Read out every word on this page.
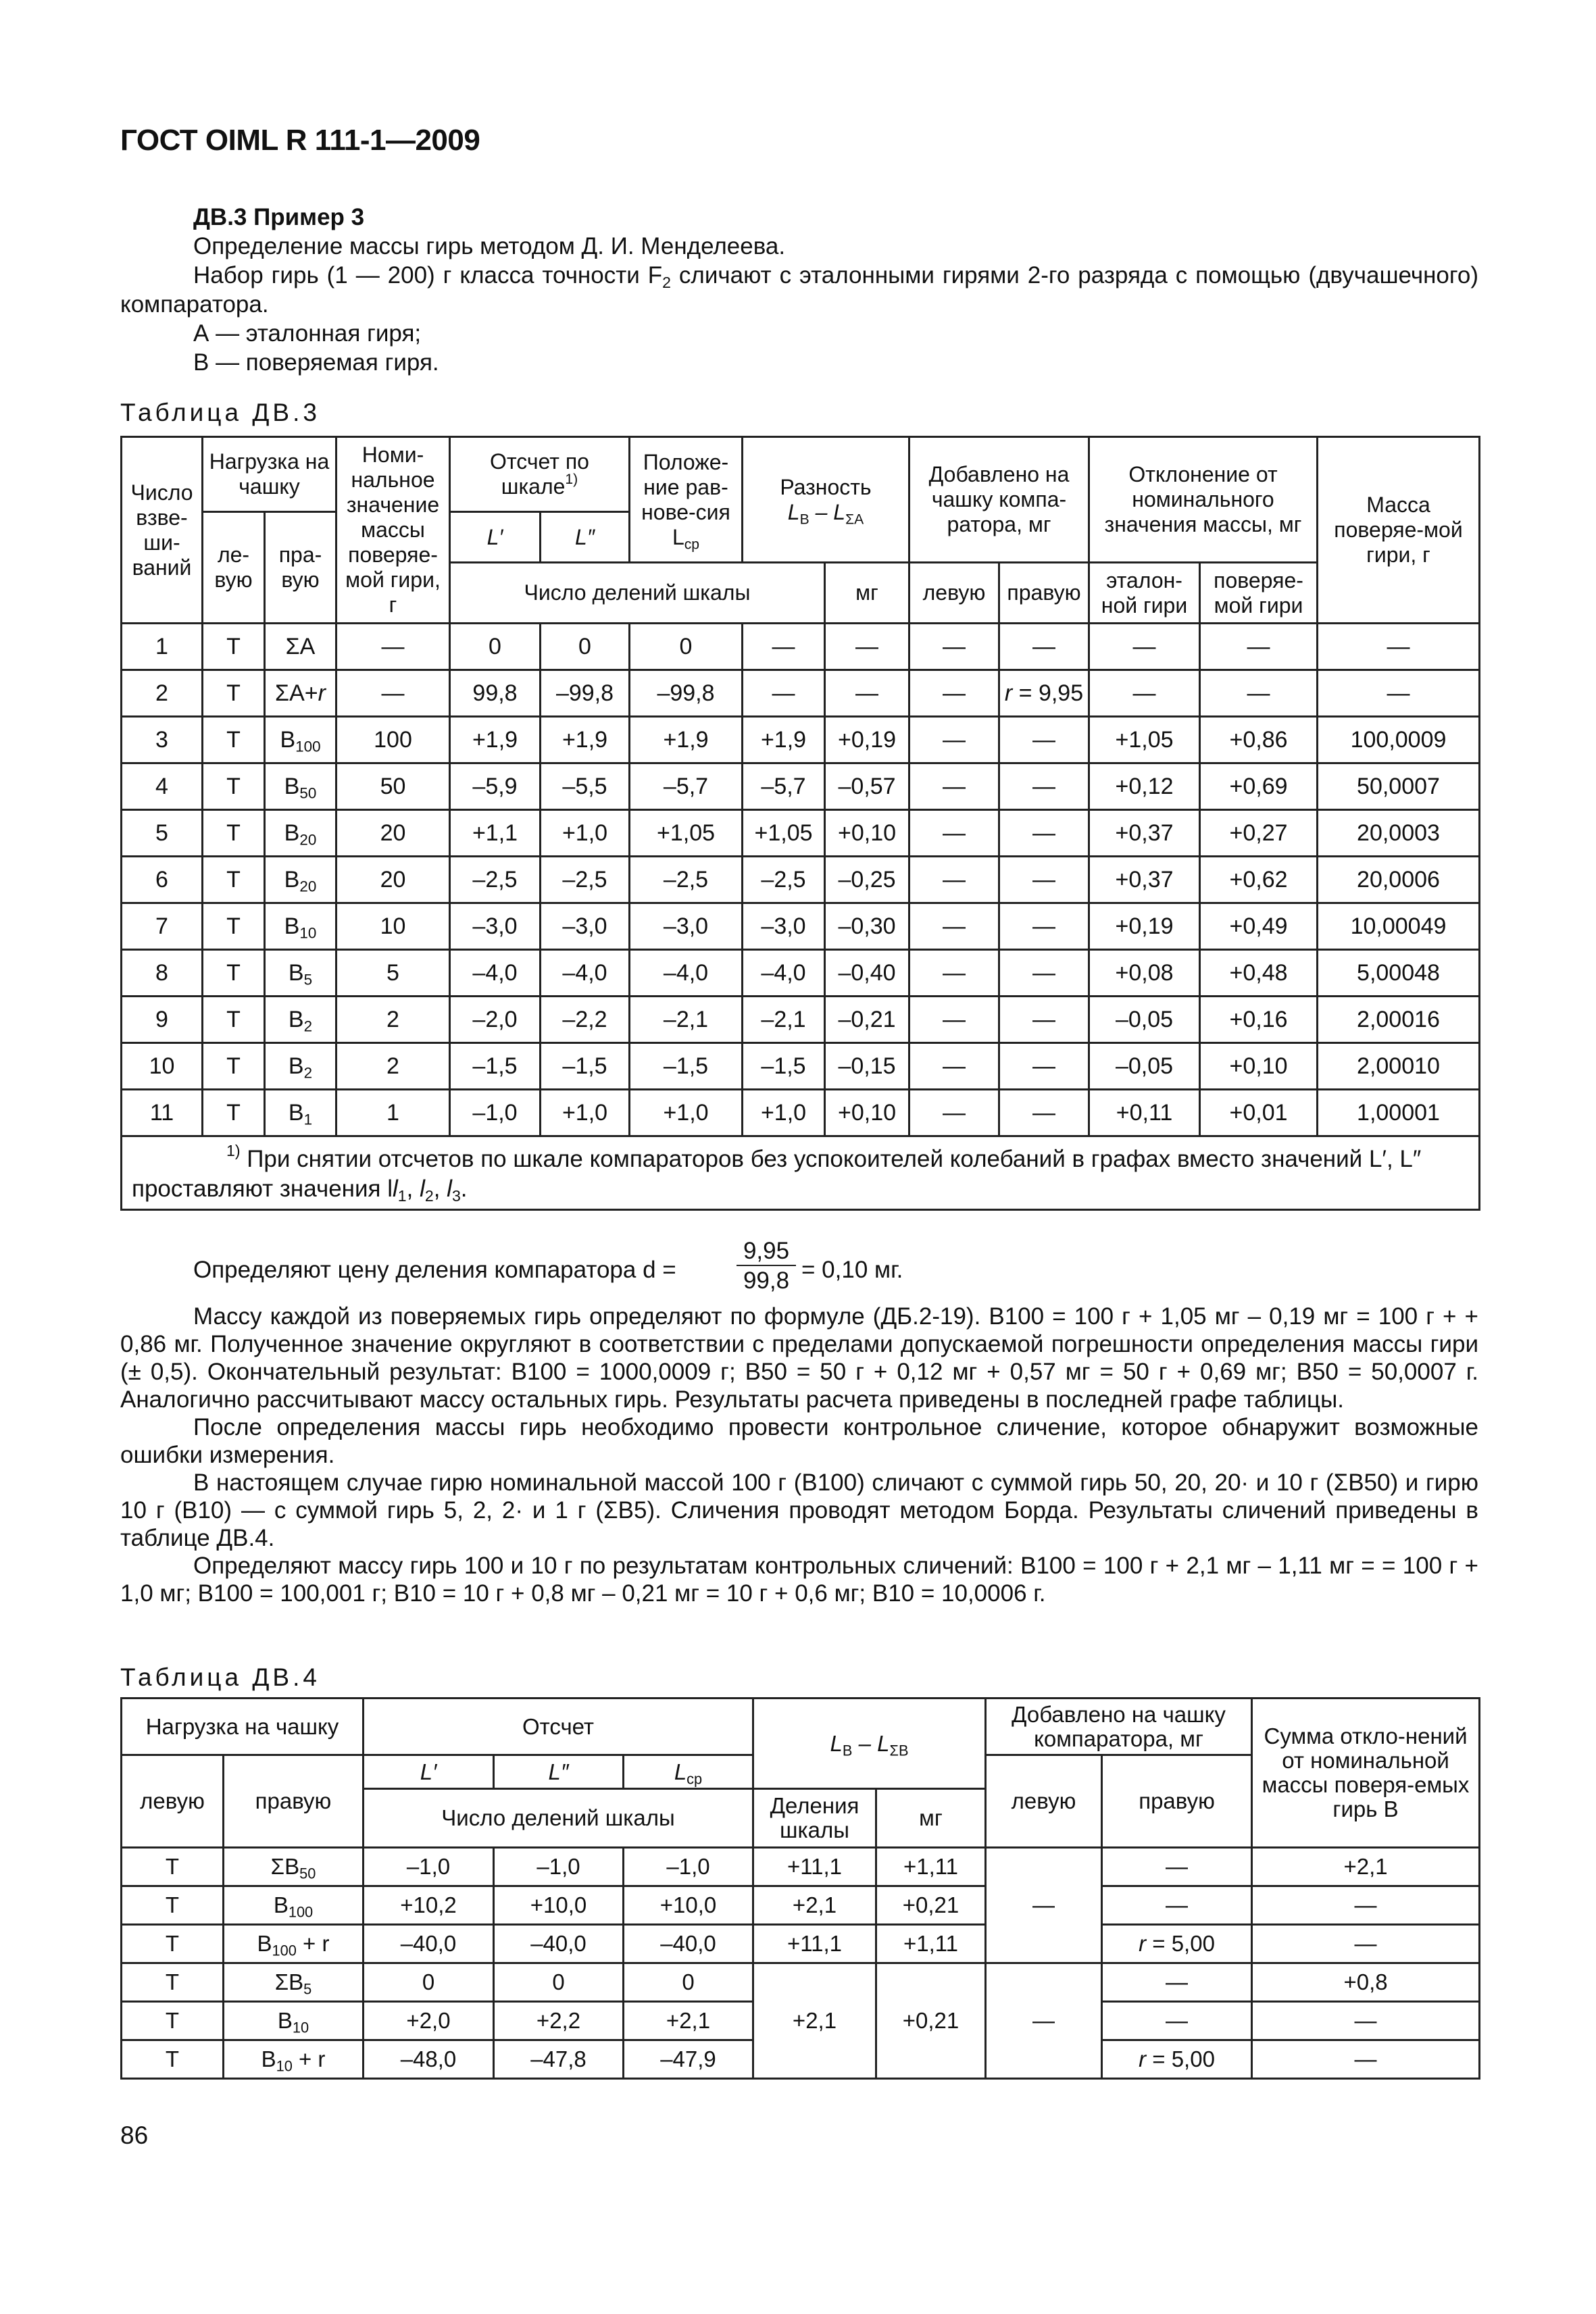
ГОСТ OIML R 111-1—2009
ДВ.3 Пример 3
Определение массы гирь методом Д. И. Менделеева.
Набор гирь (1 — 200) г класса точности $F_2$ сличают с эталонными гирями 2-го разряда с помощью (двучашечного) компаратора.
А — эталонная гиря;
В — поверяемая гиря.
Таблица ДВ.3
Число взве-ши-ваний	Нагрузка на чашку		Номи-нальное значение массы поверяе-мой гири, г	Отсчет по шкале$^{1)}$		Положе-ние рав-нове-сия $L_{ср}$	Разность
$L_B - L_{\Sigma A}$		Добавлено на чашку компа-ратора, мг		Отклонение от номинального значения массы, мг		Масса поверяе-мой гири, г
	ле-вую	пра-вую		L′	L″								
				Число делений шкалы				мг	левую	правую	эталон-ной гири	поверяе-мой гири	
1	Т	ΣA	—	0	0	0	—	—	—	—	—	—	—
2	Т	ΣA+r	—	99,8	–99,8	–99,8	—	—	—	r = 9,95	—	—	—
3	Т	$B_{100}$	100	+1,9	+1,9	+1,9	+1,9	+0,19	—	—	+1,05	+0,86	100,0009
4	Т	$B_{50}$	50	–5,9	–5,5	–5,7	–5,7	–0,57	—	—	+0,12	+0,69	50,0007
5	Т	$B_{20}$	20	+1,1	+1,0	+1,05	+1,05	+0,10	—	—	+0,37	+0,27	20,0003
6	Т	$B_{20}$	20	–2,5	–2,5	–2,5	–2,5	–0,25	—	—	+0,37	+0,62	20,0006
7	Т	$B_{10}$	10	–3,0	–3,0	–3,0	–3,0	–0,30	—	—	+0,19	+0,49	10,00049
8	Т	$B_5$	5	–4,0	–4,0	–4,0	–4,0	–0,40	—	—	+0,08	+0,48	5,00048
9	Т	$B_2$	2	–2,0	–2,2	–2,1	–2,1	–0,21	—	—	–0,05	+0,16	2,00016
10	Т	$B_2$	2	–1,5	–1,5	–1,5	–1,5	–0,15	—	—	–0,05	+0,10	2,00010
11	Т	$B_1$	1	–1,0	+1,0	+1,0	+1,0	+0,10	—	—	+0,11	+0,01	1,00001
$^{1)}$ При снятии отсчетов по шкале компараторов без успокоителей колебаний в графах вместо значений L′, L″ проставляют значения $ll_1$, $l_2$, $l_3$.													
Определяют цену деления компаратора d =
9,95
99,8 = 0,10 мг.
Массу каждой из поверяемых гирь определяют по формуле (ДБ.2-19). В100 = 100 г + 1,05 мг – 0,19 мг = 100 г + + 0,86 мг. Полученное значение округляют в соответствии с пределами допускаемой погрешности определения массы гири (± 0,5). Окончательный результат: В100 = 1000,0009 г; В50 = 50 г + 0,12 мг + 0,57 мг = 50 г + 0,69 мг; В50 = 50,0007 г. Аналогично рассчитывают массу остальных гирь. Результаты расчета приведены в последней графе таблицы.
После определения массы гирь необходимо провести контрольное сличение, которое обнаружит возможные ошибки измерения.
В настоящем случае гирю номинальной массой 100 г (В100) сличают с суммой гирь 50, 20, 20· и 10 г (ΣВ50) и гирю 10 г (В10) — с суммой гирь 5, 2, 2· и 1 г (ΣВ5). Сличения проводят методом Борда. Результаты сличений приведены в таблице ДВ.4.
Определяют массу гирь 100 и 10 г по результатам контрольных сличений: В100 = 100 г + 2,1 мг – 1,11 мг = = 100 г + 1,0 мг; В100 = 100,001 г; В10 = 10 г + 0,8 мг – 0,21 мг = 10 г + 0,6 мг; В10 = 10,0006 г.
Таблица ДВ.4
Нагрузка на чашку		Отсчет			$L_B - L_{\Sigma B}$		Добавлено на чашку компаратора, мг		Сумма откло-нений от номинальной массы поверя-емых гирь В
левую	правую	L′	L″	$L_{ср}$			левую	правую	
		Число делений шкалы			Деления шкалы	мг			
Т	$\Sigma B_{50}$	–1,0	–1,0	–1,0	+11,1	+1,11	—	—	+2,1
Т	$B_{100}$	+10,2	+10,0	+10,0	+2,1	+0,21		—	—
Т	$B_{100} + r$	–40,0	–40,0	–40,0	+11,1	+1,11		r = 5,00	—
Т	$\Sigma B_5$	0	0	0	+2,1	+0,21	—	—	+0,8
Т	$B_{10}$	+2,0	+2,2	+2,1				—	—
Т	$B_{10} + r$	–48,0	–47,8	–47,9				r = 5,00	—
86
